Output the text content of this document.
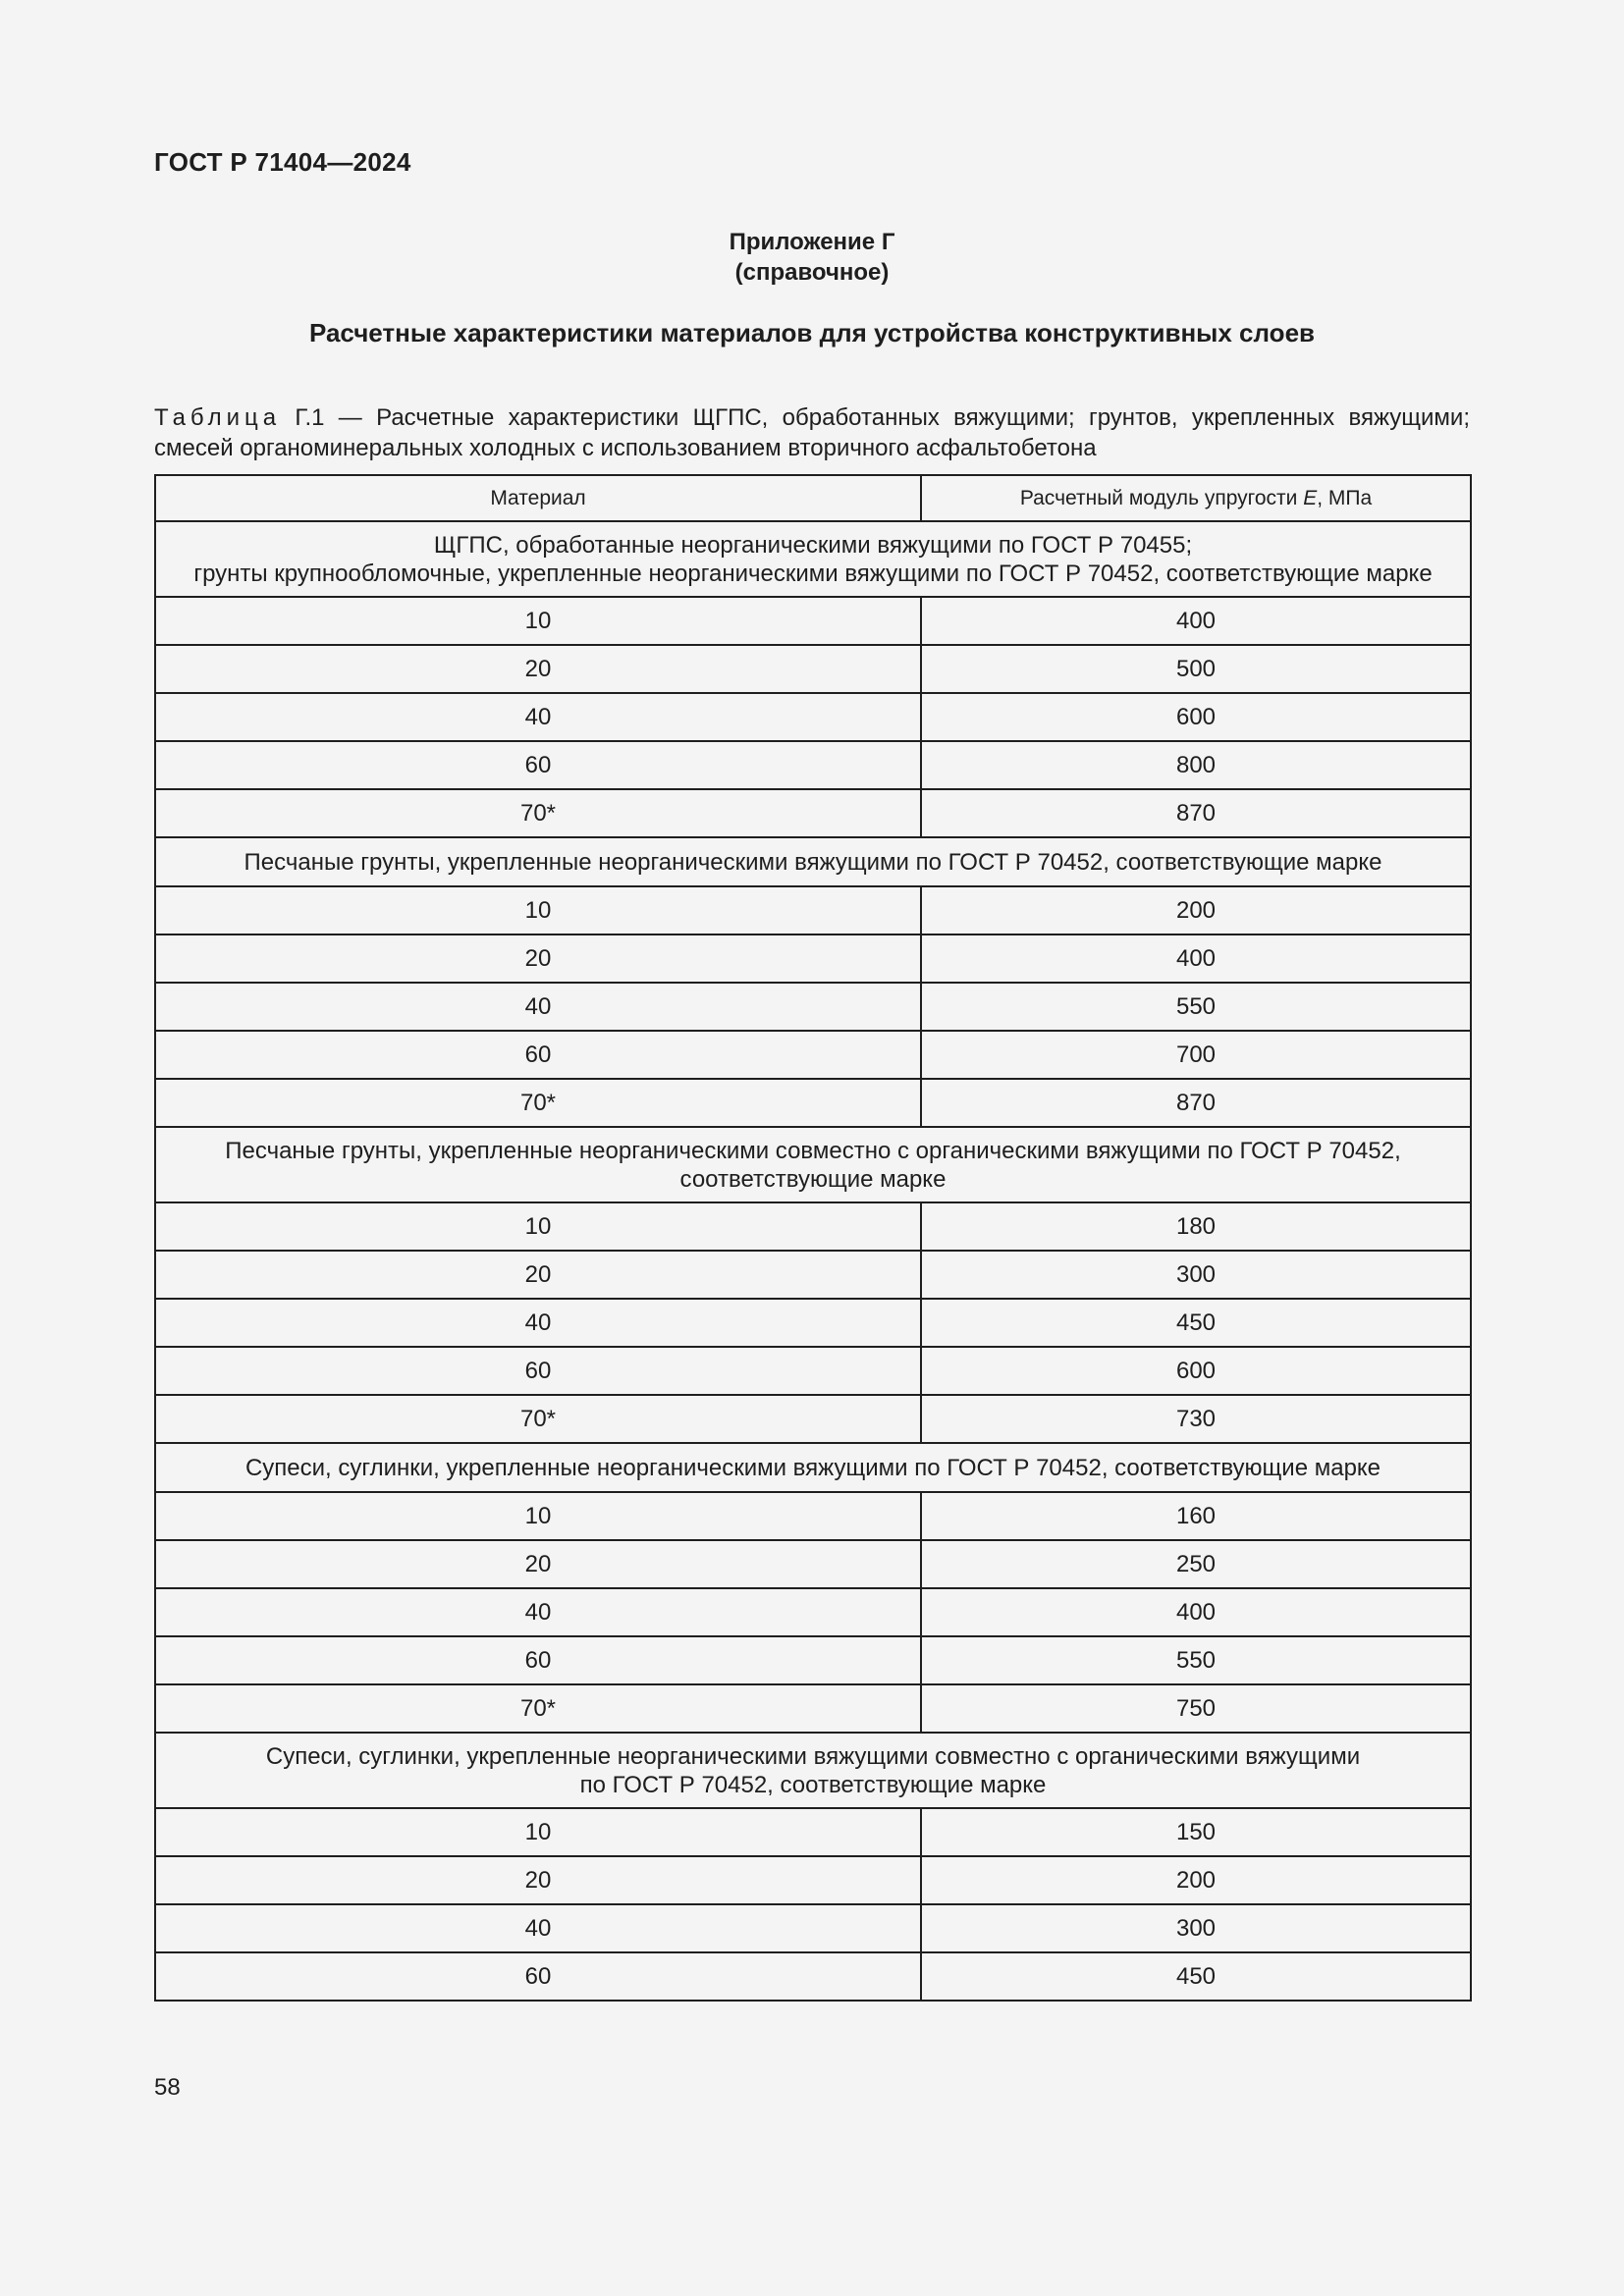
ГОСТ Р 71404—2024
Приложение Г
(справочное)
Расчетные характеристики материалов для устройства конструктивных слоев
Таблица Г.1 — Расчетные характеристики ЩГПС, обработанных вяжущими; грунтов, укрепленных вяжущими; смесей органоминеральных холодных с использованием вторичного асфальтобетона
Материал	Расчетный модуль упругости E, МПа

ЩГПС, обработанные неорганическими вяжущими по ГОСТ Р 70455;
грунты крупнообломочные, укрепленные неорганическими вяжущими по ГОСТ Р 70452, соответствующие марке	

10	400
20	500
40	600
60	800
70*	870

Песчаные грунты, укрепленные неорганическими вяжущими по ГОСТ Р 70452, соответствующие марке	

10	200
20	400
40	550
60	700
70*	870

Песчаные грунты, укрепленные неорганическими совместно с органическими вяжущими по ГОСТ Р 70452,
соответствующие марке	

10	180
20	300
40	450
60	600
70*	730

Супеси, суглинки, укрепленные неорганическими вяжущими по ГОСТ Р 70452, соответствующие марке	

10	160
20	250
40	400
60	550
70*	750

Супеси, суглинки, укрепленные неорганическими вяжущими совместно с органическими вяжущими
по ГОСТ Р 70452, соответствующие марке	

10	150
20	200
40	300
60	450
58
